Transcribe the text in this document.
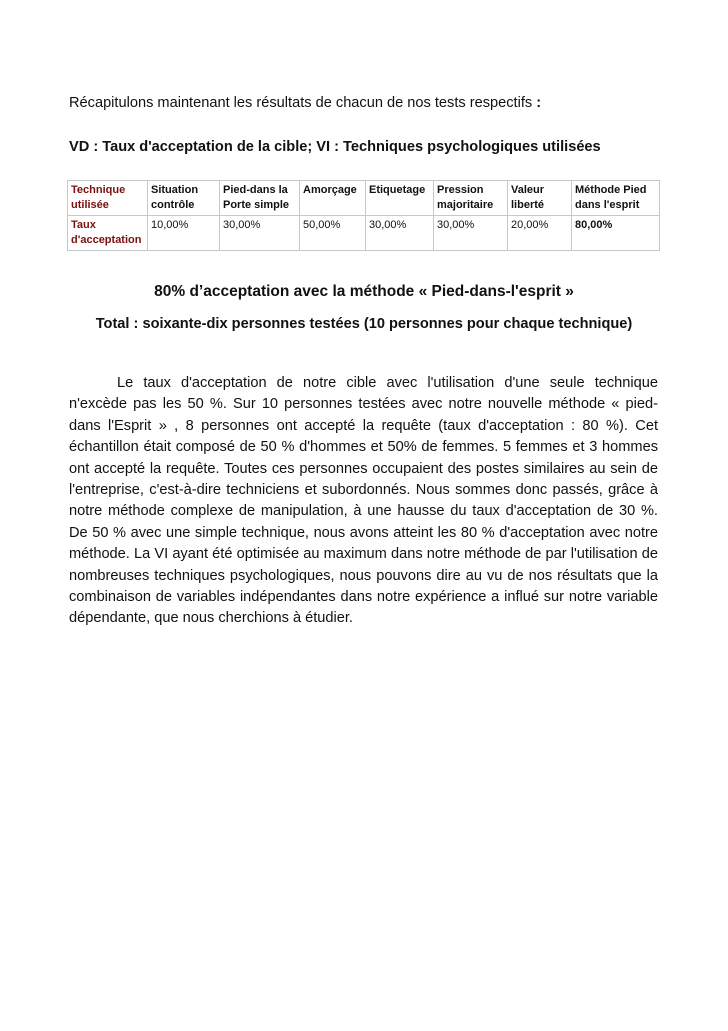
Récapitulons maintenant les résultats de chacun de nos tests respectifs :
VD : Taux d'acceptation de la cible; VI : Techniques psychologiques utilisées
Technique utilisée	Situation contrôle	Pied-dans la Porte simple	Amorçage	Etiquetage	Pression majoritaire	Valeur liberté	Méthode Pied dans l'esprit
Taux d'acceptation	10,00%	30,00%	50,00%	30,00%	30,00%	20,00%	80,00%
80% d’acceptation avec la méthode « Pied-dans-l'esprit »
Total : soixante-dix personnes testées (10 personnes pour chaque technique)

Le taux d'acceptation de notre cible avec l'utilisation d'une seule technique n'excède pas les 50 %. Sur 10 personnes testées avec notre nouvelle méthode « pied-dans l'Esprit » , 8 personnes ont accepté la requête (taux d'acceptation : 80 %). Cet échantillon était composé de 50 % d'hommes et 50% de femmes. 5 femmes et 3 hommes ont accepté la requête. Toutes ces personnes occupaient des postes similaires au sein de l'entreprise, c'est-à-dire techniciens et subordonnés. Nous sommes donc passés, grâce à notre méthode complexe de manipulation, à une hausse du taux d'acceptation de 30 %. De 50 % avec une simple technique, nous avons atteint les 80 % d'acceptation avec notre méthode. La VI ayant été optimisée au maximum dans notre méthode de par l'utilisation de nombreuses techniques psychologiques, nous pouvons dire au vu de nos résultats que la combinaison de variables indépendantes dans notre expérience a influé sur notre variable dépendante, que nous cherchions à étudier.
